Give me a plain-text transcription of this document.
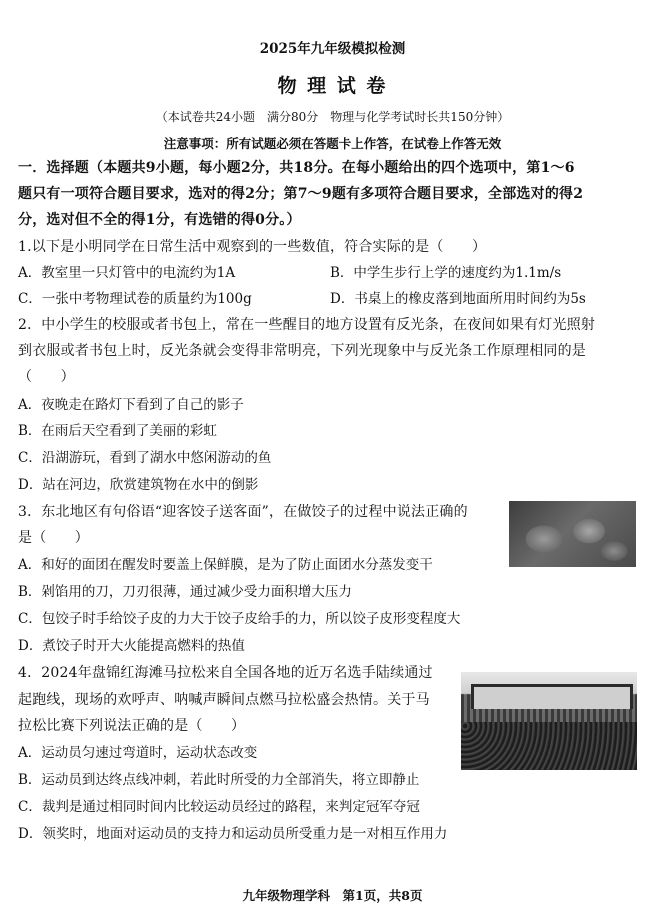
2025年九年级模拟检测
物 理 试 卷
（本试卷共24小题　满分80分　物理与化学考试时长共150分钟）
注意事项：所有试题必须在答题卡上作答，在试卷上作答无效
一．选择题（本题共9小题，每小题2分，共18分。在每小题给出的四个选项中，第1～6
题只有一项符合题目要求，选对的得2分；第7～9题有多项符合题目要求，全部选对的得2
分，选对但不全的得1分，有选错的得0分。）
1.以下是小明同学在日常生活中观察到的一些数值，符合实际的是（　　）
A．教室里一只灯管中的电流约为1A	B．中学生步行上学的速度约为1.1m/s
C．一张中考物理试卷的质量约为100g	D．书桌上的橡皮落到地面所用时间约为5s
2．中小学生的校服或者书包上，常在一些醒目的地方设置有反光条，在夜间如果有灯光照射
到衣服或者书包上时，反光条就会变得非常明亮，下列光现象中与反光条工作原理相同的是
（　　）
A．夜晚走在路灯下看到了自己的影子
B．在雨后天空看到了美丽的彩虹
C．沿湖游玩，看到了湖水中悠闲游动的鱼
D．站在河边，欣赏建筑物在水中的倒影
3．东北地区有句俗语“迎客饺子送客面”，在做饺子的过程中说法正确的
是（　　）
A．和好的面团在醒发时要盖上保鲜膜，是为了防止面团水分蒸发变干
B．剁馅用的刀，刀刃很薄，通过减少受力面积增大压力
C．包饺子时手给饺子皮的力大于饺子皮给手的力，所以饺子皮形变程度大
D．煮饺子时开大火能提高燃料的热值
4．2024年盘锦红海滩马拉松来自全国各地的近万名选手陆续通过
起跑线，现场的欢呼声、呐喊声瞬间点燃马拉松盛会热情。关于马
拉松比赛下列说法正确的是（　　）
A．运动员匀速过弯道时，运动状态改变
B．运动员到达终点线冲刺，若此时所受的力全部消失，将立即静止
C．裁判是通过相同时间内比较运动员经过的路程，来判定冠军夺冠
D．领奖时，地面对运动员的支持力和运动员所受重力是一对相互作用力
九年级物理学科　第1页，共8页
